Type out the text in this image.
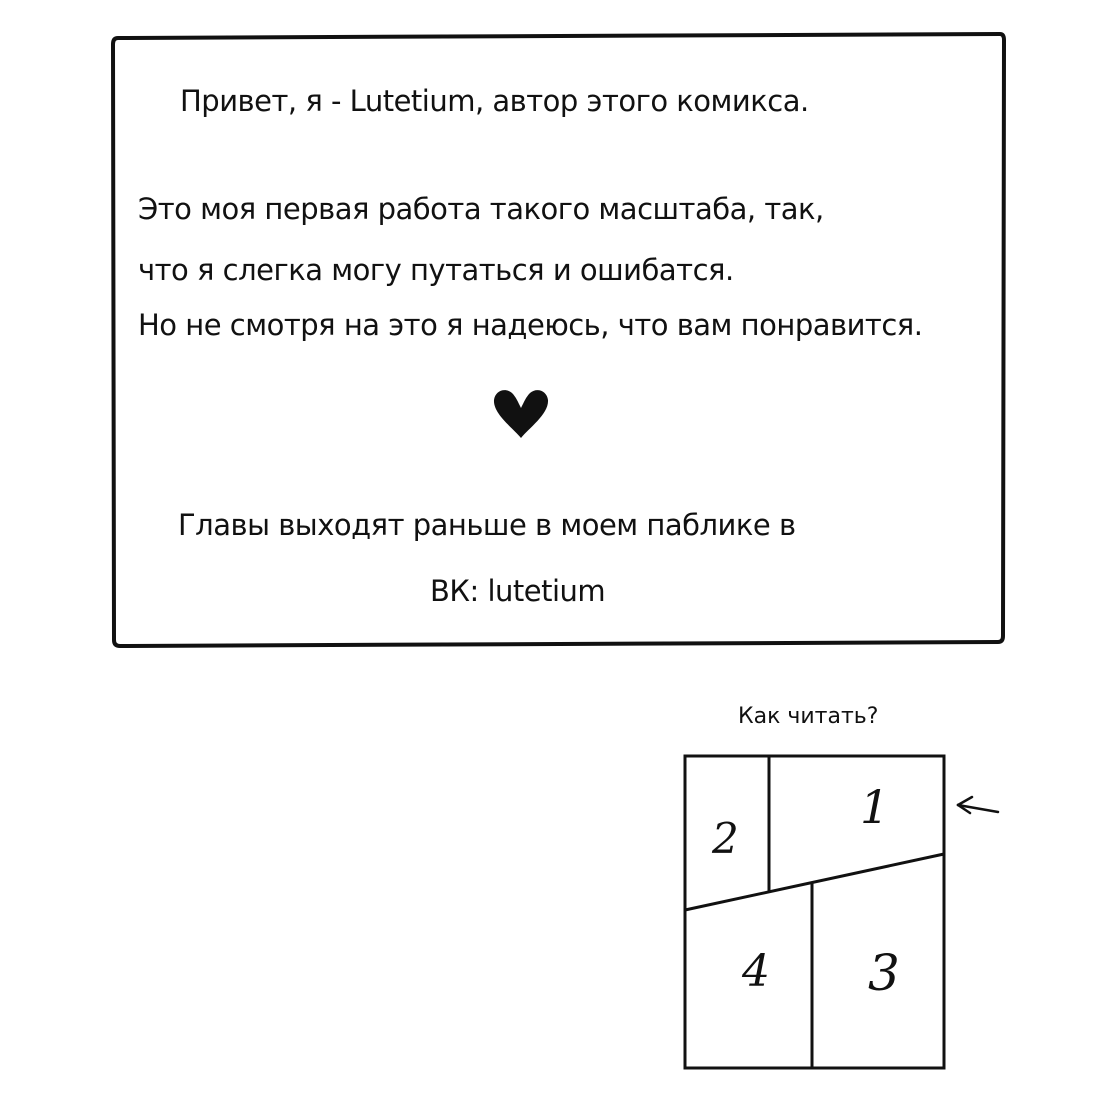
Привет, я - Lutetium, автор этого комикса.
Это моя первая работа такого масштаба, так,
что я слегка могу путаться и ошибатся.
Но не смотря на это я надеюсь, что вам понравится.
Главы выходят раньше в моем паблике в
ВК: lutetium
Как читать?
1
2
3
4
